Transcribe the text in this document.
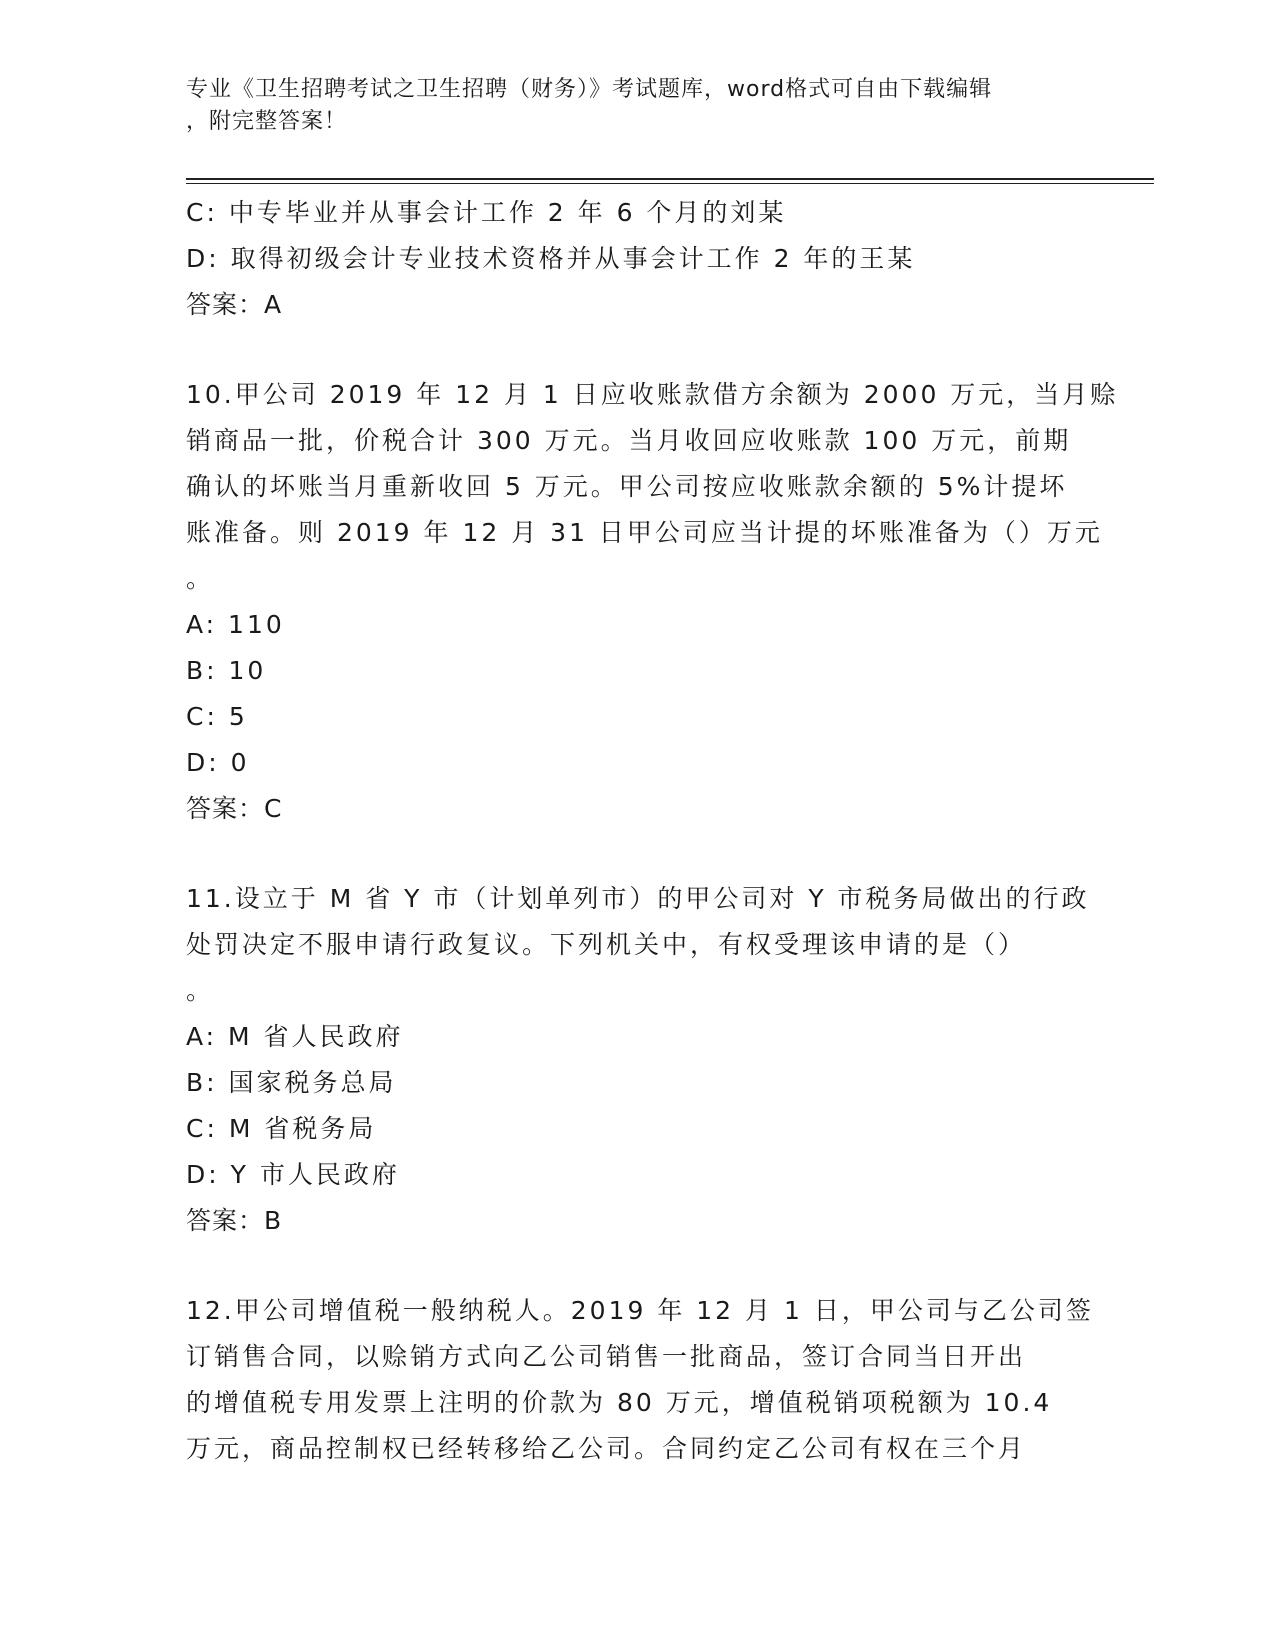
专业《卫生招聘考试之卫生招聘（财务）》考试题库，word格式可自由下载编辑
，附完整答案！
C: 中专毕业并从事会计工作 2 年 6 个月的刘某
D: 取得初级会计专业技术资格并从事会计工作 2 年的王某
答案：A
10.甲公司 2019 年 12 月 1 日应收账款借方余额为 2000 万元，当月赊
销商品一批，价税合计 300 万元。当月收回应收账款 100 万元，前期
确认的坏账当月重新收回 5 万元。甲公司按应收账款余额的 5%计提坏
账准备。则 2019 年 12 月 31 日甲公司应当计提的坏账准备为（）万元
。
A: 110
B: 10
C: 5
D: 0
答案：C
11.设立于 M 省 Y 市（计划单列市）的甲公司对 Y 市税务局做出的行政
处罚决定不服申请行政复议。下列机关中，有权受理该申请的是（）
。
A: M 省人民政府
B: 国家税务总局
C: M 省税务局
D: Y 市人民政府
答案：B
12.甲公司增值税一般纳税人。2019 年 12 月 1 日，甲公司与乙公司签
订销售合同，以赊销方式向乙公司销售一批商品，签订合同当日开出
的增值税专用发票上注明的价款为 80 万元，增值税销项税额为 10.4
万元，商品控制权已经转移给乙公司。合同约定乙公司有权在三个月
